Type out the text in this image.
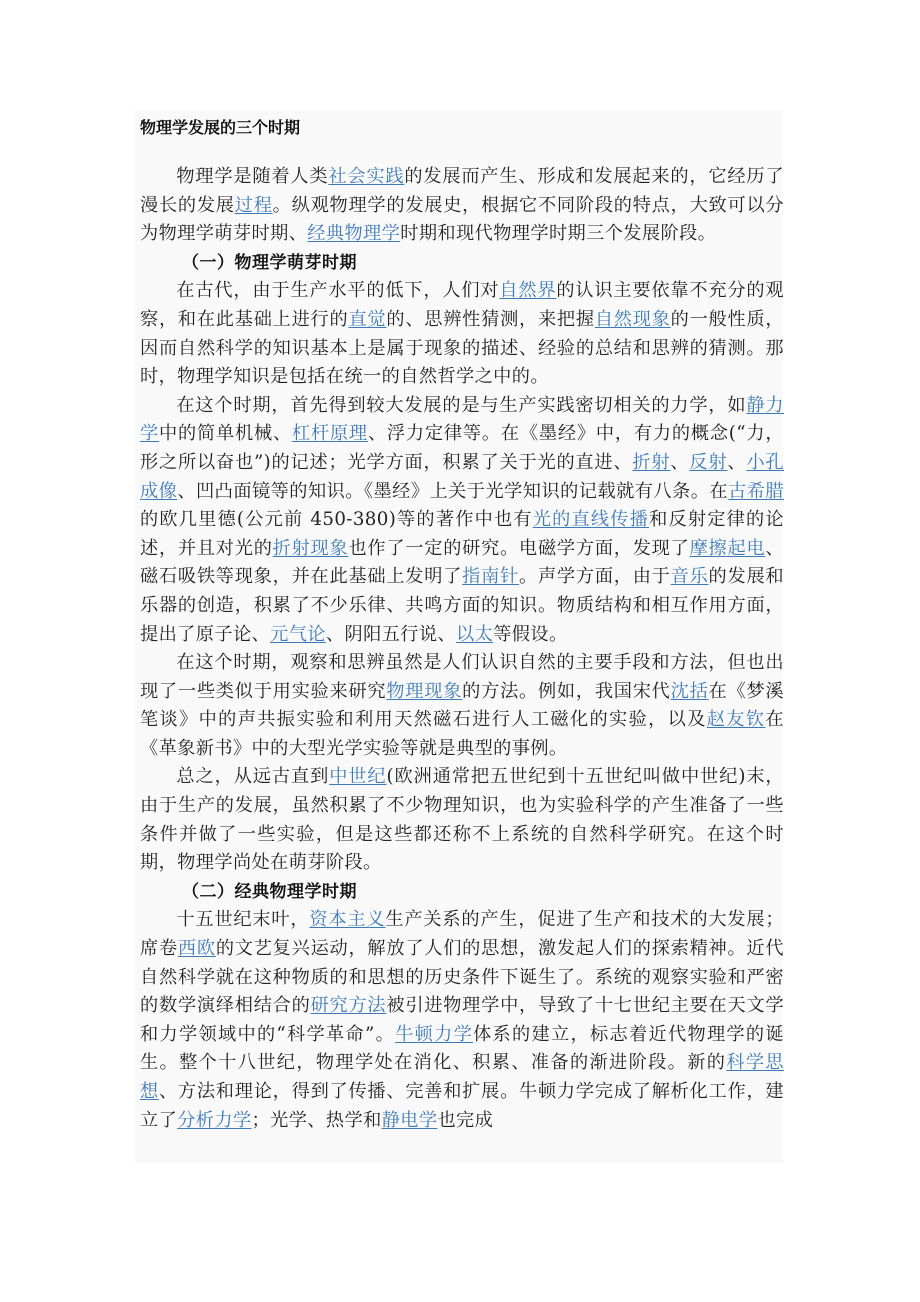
物理学发展的三个时期

物理学是随着人类社会实践的发展而产生、形成和发展起来的，它经历了漫长的发展过程。纵观物理学的发展史，根据它不同阶段的特点，大致可以分为物理学萌芽时期、经典物理学时期和现代物理学时期三个发展阶段。

（一）物理学萌芽时期

在古代，由于生产水平的低下，人们对自然界的认识主要依靠不充分的观察，和在此基础上进行的直觉的、思辨性猜测，来把握自然现象的一般性质，因而自然科学的知识基本上是属于现象的描述、经验的总结和思辨的猜测。那时，物理学知识是包括在统一的自然哲学之中的。

在这个时期，首先得到较大发展的是与生产实践密切相关的力学，如静力学中的简单机械、杠杆原理、浮力定律等。在《墨经》中，有力的概念(“力，形之所以奋也”)的记述；光学方面，积累了关于光的直进、折射、反射、小孔成像、凹凸面镜等的知识。《墨经》上关于光学知识的记载就有八条。在古希腊的欧几里德(公元前 450-380)等的著作中也有光的直线传播和反射定律的论述，并且对光的折射现象也作了一定的研究。电磁学方面，发现了摩擦起电、磁石吸铁等现象，并在此基础上发明了指南针。声学方面，由于音乐的发展和乐器的创造，积累了不少乐律、共鸣方面的知识。物质结构和相互作用方面，提出了原子论、元气论、阴阳五行说、以太等假设。

在这个时期，观察和思辨虽然是人们认识自然的主要手段和方法，但也出现了一些类似于用实验来研究物理现象的方法。例如，我国宋代沈括在《梦溪笔谈》中的声共振实验和利用天然磁石进行人工磁化的实验，以及赵友钦在《革象新书》中的大型光学实验等就是典型的事例。

总之，从远古直到中世纪(欧洲通常把五世纪到十五世纪叫做中世纪)末，由于生产的发展，虽然积累了不少物理知识，也为实验科学的产生准备了一些条件并做了一些实验，但是这些都还称不上系统的自然科学研究。在这个时期，物理学尚处在萌芽阶段。

（二）经典物理学时期

十五世纪末叶，资本主义生产关系的产生，促进了生产和技术的大发展；席卷西欧的文艺复兴运动，解放了人们的思想，激发起人们的探索精神。近代自然科学就在这种物质的和思想的历史条件下诞生了。系统的观察实验和严密的数学演绎相结合的研究方法被引进物理学中，导致了十七世纪主要在天文学和力学领域中的“科学革命”。牛顿力学体系的建立，标志着近代物理学的诞生。整个十八世纪，物理学处在消化、积累、准备的渐进阶段。新的科学思想、方法和理论，得到了传播、完善和扩展。牛顿力学完成了解析化工作，建立了分析力学；光学、热学和静电学也完成
